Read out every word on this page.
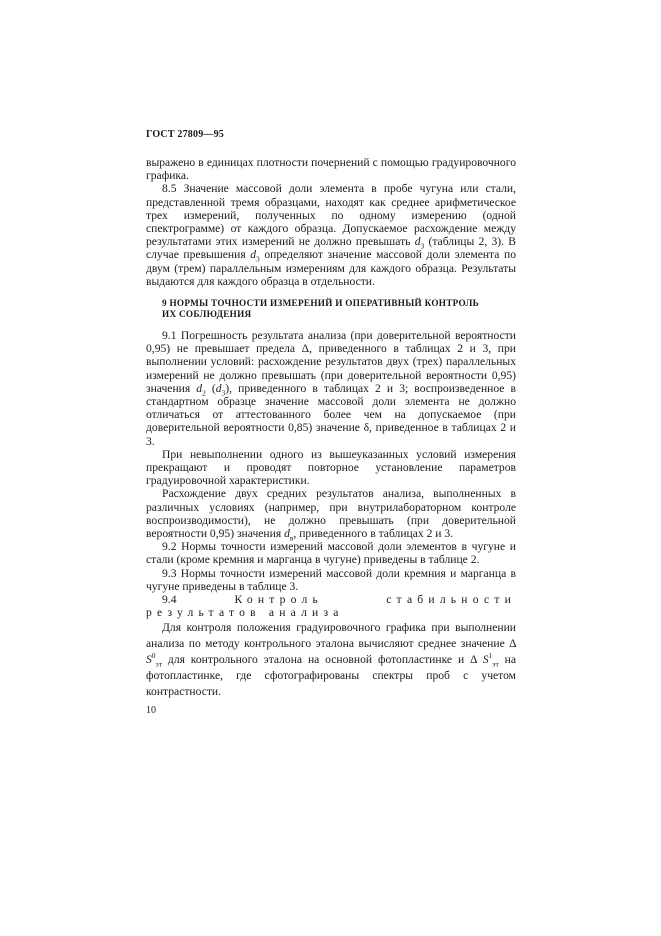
ГОСТ 27809—95

выражено в единицах плотности почернений с помощью градуировочного графика.

8.5 Значение массовой доли элемента в пробе чугуна или стали, представленной тремя образцами, находят как среднее арифметическое трех измерений, полученных по одному измерению (одной спектрограмме) от каждого образца. Допускаемое расхождение между результатами этих измерений не должно превышать $d_3$ (таблицы 2, 3). В случае превышения $d_3$ определяют значение массовой доли элемента по двум (трем) параллельным измерениям для каждого образца. Результаты выдаются для каждого образца в отдельности.

9 НОРМЫ ТОЧНОСТИ ИЗМЕРЕНИЙ И ОПЕРАТИВНЫЙ КОНТРОЛЬ
ИХ СОБЛЮДЕНИЯ

9.1 Погрешность результата анализа (при доверительной вероятности 0,95) не превышает предела Δ, приведенного в таблицах 2 и 3, при выполнении условий: расхождение результатов двух (трех) параллельных измерений не должно превышать (при доверительной вероятности 0,95) значения $d_2$ $(d_3)$, приведенного в таблицах 2 и 3; воспроизведенное в стандартном образце значение массовой доли элемента не должно отличаться от аттестованного более чем на допускаемое (при доверительной вероятности 0,85) значение δ, приведенное в таблицах 2 и 3.

При невыполнении одного из вышеуказанных условий измерения прекращают и проводят повторное установление параметров градуировочной характеристики.

Расхождение двух средних результатов анализа, выполненных в различных условиях (например, при внутрилабораторном контроле воспроизводимости), не должно превышать (при доверительной вероятности 0,95) значения $d_в$, приведенного в таблицах 2 и 3.

9.2 Нормы точности измерений массовой доли элементов в чугуне и стали (кроме кремния и марганца в чугуне) приведены в таблице 2.

9.3 Нормы точности измерений массовой доли кремния и марганца в чугуне приведены в таблице 3.

9.4 Контроль стабильности результатов анализа

Для контроля положения градуировочного графика при выполнении анализа по методу контрольного эталона вычисляют среднее значение Δ $S^0_{эт}$ для контрольного эталона на основной фотопластинке и Δ $S^1_{эт}$ на фотопластинке, где сфотографированы спектры проб с учетом контрастности.

10
